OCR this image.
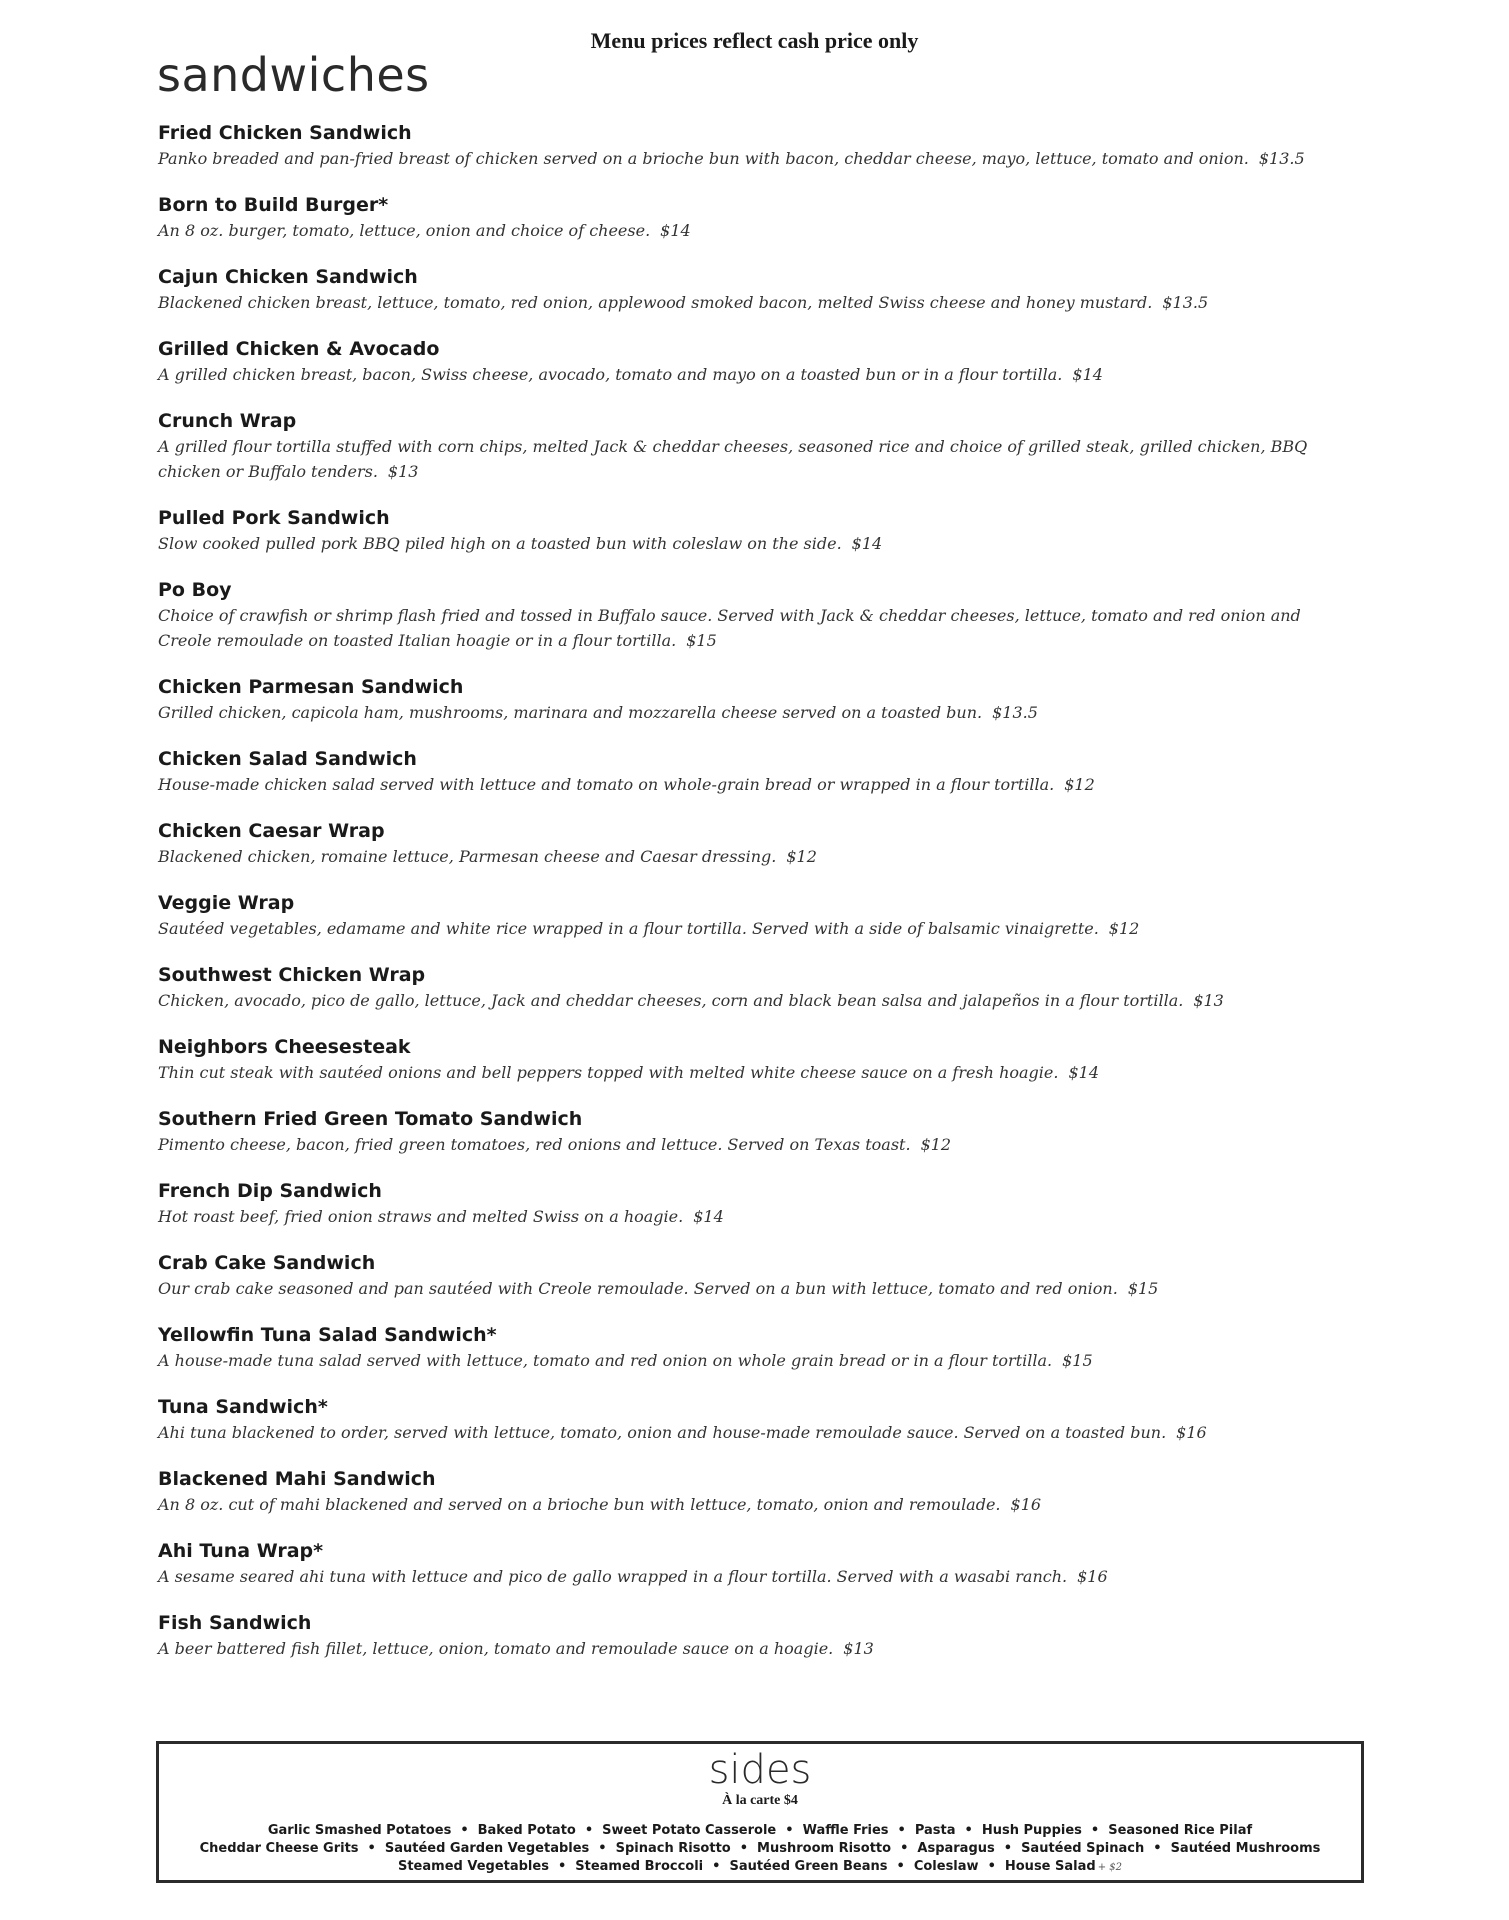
Menu prices reflect cash price only
sandwiches
Fried Chicken Sandwich
Panko breaded and pan-fried breast of chicken served on a brioche bun with bacon, cheddar cheese, mayo, lettuce, tomato and onion. $13.5
Born to Build Burger*
An 8 oz. burger, tomato, lettuce, onion and choice of cheese. $14
Cajun Chicken Sandwich
Blackened chicken breast, lettuce, tomato, red onion, applewood smoked bacon, melted Swiss cheese and honey mustard. $13.5
Grilled Chicken & Avocado
A grilled chicken breast, bacon, Swiss cheese, avocado, tomato and mayo on a toasted bun or in a flour tortilla. $14
Crunch Wrap
A grilled flour tortilla stuffed with corn chips, melted Jack & cheddar cheeses, seasoned rice and choice of grilled steak, grilled chicken, BBQ chicken or Buffalo tenders. $13
Pulled Pork Sandwich
Slow cooked pulled pork BBQ piled high on a toasted bun with coleslaw on the side. $14
Po Boy
Choice of crawfish or shrimp flash fried and tossed in Buffalo sauce. Served with Jack & cheddar cheeses, lettuce, tomato and red onion and Creole remoulade on toasted Italian hoagie or in a flour tortilla. $15
Chicken Parmesan Sandwich
Grilled chicken, capicola ham, mushrooms, marinara and mozzarella cheese served on a toasted bun. $13.5
Chicken Salad Sandwich
House-made chicken salad served with lettuce and tomato on whole-grain bread or wrapped in a flour tortilla. $12
Chicken Caesar Wrap
Blackened chicken, romaine lettuce, Parmesan cheese and Caesar dressing. $12
Veggie Wrap
Sautéed vegetables, edamame and white rice wrapped in a flour tortilla. Served with a side of balsamic vinaigrette. $12
Southwest Chicken Wrap
Chicken, avocado, pico de gallo, lettuce, Jack and cheddar cheeses, corn and black bean salsa and jalapeños in a flour tortilla. $13
Neighbors Cheesesteak
Thin cut steak with sautéed onions and bell peppers topped with melted white cheese sauce on a fresh hoagie. $14
Southern Fried Green Tomato Sandwich
Pimento cheese, bacon, fried green tomatoes, red onions and lettuce. Served on Texas toast. $12
French Dip Sandwich
Hot roast beef, fried onion straws and melted Swiss on a hoagie. $14
Crab Cake Sandwich
Our crab cake seasoned and pan sautéed with Creole remoulade. Served on a bun with lettuce, tomato and red onion. $15
Yellowfin Tuna Salad Sandwich*
A house-made tuna salad served with lettuce, tomato and red onion on whole grain bread or in a flour tortilla. $15
Tuna Sandwich*
Ahi tuna blackened to order, served with lettuce, tomato, onion and house-made remoulade sauce. Served on a toasted bun. $16
Blackened Mahi Sandwich
An 8 oz. cut of mahi blackened and served on a brioche bun with lettuce, tomato, onion and remoulade. $16
Ahi Tuna Wrap*
A sesame seared ahi tuna with lettuce and pico de gallo wrapped in a flour tortilla. Served with a wasabi ranch. $16
Fish Sandwich
A beer battered fish fillet, lettuce, onion, tomato and remoulade sauce on a hoagie. $13
sides
À la carte $4
Garlic Smashed Potatoes • Baked Potato • Sweet Potato Casserole • Waffle Fries • Pasta • Hush Puppies • Seasoned Rice Pilaf
Cheddar Cheese Grits • Sautéed Garden Vegetables • Spinach Risotto • Mushroom Risotto • Asparagus • Sautéed Spinach • Sautéed Mushrooms
Steamed Vegetables • Steamed Broccoli • Sautéed Green Beans • Coleslaw • House Salad + $2
